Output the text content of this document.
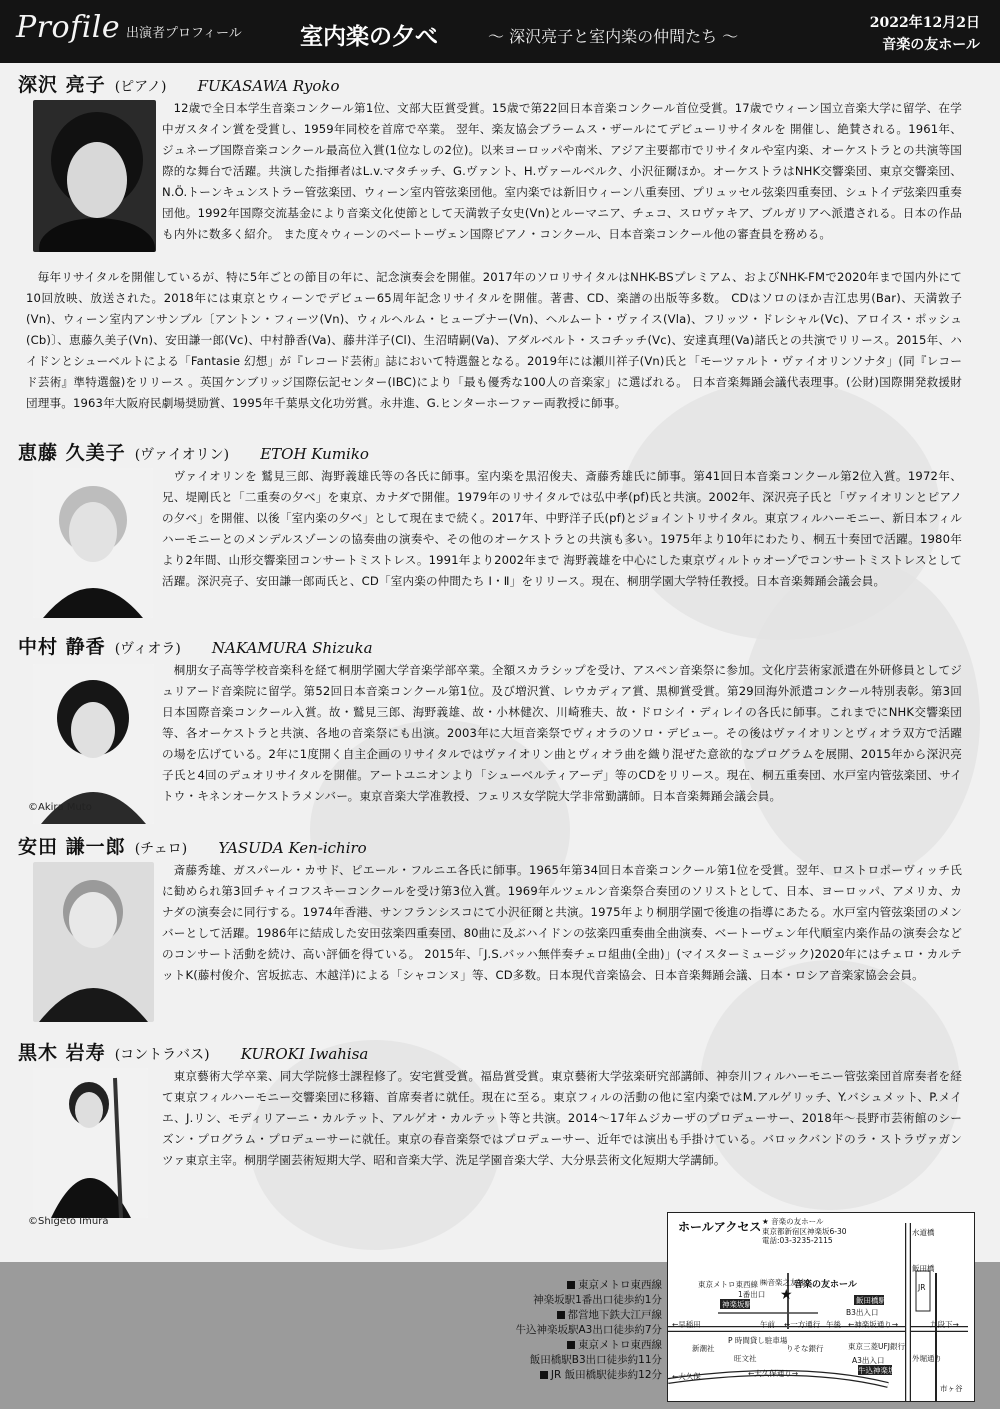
Profile 出演者プロフィール	室内楽の夕べ	～ 深沢亮子と室内楽の仲間たち ～
2022年12月2日
音楽の友ホール
深沢 亮子 (ピアノ) FUKASAWA Ryoko

12歳で全日本学生音楽コンクール第1位、文部大臣賞受賞。15歳で第22回日本音楽コンクール首位受賞。17歳でウィーン国立音楽大学に留学、在学中ガスタイン賞を受賞し、1959年同校を首席で卒業。 翌年、楽友協会ブラームス・ザールにてデビューリサイタルを 開催し、絶賛される。1961年、ジュネーブ国際音楽コンクール最高位入賞(1位なしの2位)。以来ヨーロッパや南米、アジア主要都市でリサイタルや室内楽、オーケストラとの共演等国際的な舞台で活躍。共演した指揮者はL.v.マタチッチ、G.ヴァント、H.ヴァールベルク、小沢征爾ほか。オーケストラはNHK交響楽団、東京交響楽団、N.Ö.トーンキュンストラー管弦楽団、ウィーン室内管弦楽団他。室内楽では新旧ウィーン八重奏団、プリュッセル弦楽四重奏団、シュトイデ弦楽四重奏団他。1992年国際交流基金により音楽文化使節として天満敦子女史(Vn)とルーマニア、チェコ、スロヴァキア、ブルガリアへ派遣される。日本の作品も内外に数多く紹介。 また度々ウィーンのベートーヴェン国際ピアノ・コンクール、日本音楽コンクール他の審査員を務める。

毎年リサイタルを開催しているが、特に5年ごとの節目の年に、記念演奏会を開催。2017年のソロリサイタルはNHK-BSプレミアム、およびNHK-FMで2020年まで国内外にて10回放映、放送された。2018年には東京とウィーンでデビュー65周年記念リサイタルを開催。著書、CD、楽譜の出版等多数。 CDはソロのほか吉江忠男(Bar)、天満敦子(Vn)、ウィーン室内アンサンブル〔アントン・フィーツ(Vn)、ウィルヘルム・ヒューブナー(Vn)、ヘルムート・ヴァイス(Vla)、フリッツ・ドレシャル(Vc)、アロイス・ポッシュ(Cb)〕、恵藤久美子(Vn)、安田謙一郎(Vc)、中村静香(Va)、藤井洋子(Cl)、生沼晴嗣(Va)、アダルベルト・スコチッチ(Vc)、安達真理(Va)諸氏との共演でリリース。2015年、ハイドンとシューベルトによる「Fantasie 幻想」が『レコード芸術』誌において特選盤となる。2019年には瀬川祥子(Vn)氏と「モーツァルト・ヴァイオリンソナタ」(同『レコード芸術』準特選盤)をリリース 。英国ケンブリッジ国際伝記センター(IBC)により「最も優秀な100人の音楽家」に選ばれる。 日本音楽舞踊会議代表理事。(公財)国際開発救援財団理事。1963年大阪府民劇場奨励賞、1995年千葉県文化功労賞。永井進、G.ヒンターホーファー両教授に師事。

恵藤 久美子 (ヴァイオリン) ETOH Kumiko

ヴァイオリンを 鷲見三郎、海野義雄氏等の各氏に師事。室内楽を黒沼俊夫、斎藤秀雄氏に師事。第41回日本音楽コンクール第2位入賞。1972年、兄、堤剛氏と「二重奏の夕べ」を東京、カナダで開催。1979年のリサイタルでは弘中孝(pf)氏と共演。2002年、深沢亮子氏と「ヴァイオリンとピアノの夕べ」を開催、以後「室内楽の夕べ」として現在まで続く。2017年、中野洋子氏(pf)とジョイントリサイタル。東京フィルハーモニー、新日本フィルハーモニーとのメンデルスゾーンの協奏曲の演奏や、その他のオーケストラとの共演も多い。1975年より10年にわたり、桐五十奏団で活躍。1980年より2年間、山形交響楽団コンサートミストレス。1991年より2002年まで 海野義雄を中心にした東京ヴィルトゥオーゾでコンサートミストレスとして活躍。深沢亮子、安田謙一郎両氏と、CD「室内楽の仲間たち Ⅰ・Ⅱ」をリリース。現在、桐朋学園大学特任教授。日本音楽舞踊会議会員。

中村 静香 (ヴィオラ) NAKAMURA Shizuka
©Akira Muto

桐朋女子高等学校音楽科を経て桐朋学園大学音楽学部卒業。全額スカラシップを受け、アスペン音楽祭に参加。文化庁芸術家派遣在外研修員としてジュリアード音楽院に留学。第52回日本音楽コンクール第1位。及び増沢賞、レウカディア賞、黒柳賞受賞。第29回海外派遣コンクール特別表彰。第3回日本国際音楽コンクール入賞。故・鷲見三郎、海野義雄、故・小林健次、川崎雅夫、故・ドロシイ・ディレイの各氏に師事。これまでにNHK交響楽団等、各オーケストラと共演、各地の音楽祭にも出演。2003年に大垣音楽祭でヴィオラのソロ・デビュー。その後はヴァイオリンとヴィオラ双方で活躍の場を広げている。2年に1度開く自主企画のリサイタルではヴァイオリン曲とヴィオラ曲を織り混ぜた意欲的なプログラムを展開、2015年から深沢亮子氏と4回のデュオリサイタルを開催。アートユニオンより「シューベルティアーデ」等のCDをリリース。現在、桐五重奏団、水戸室内管弦楽団、サイトウ・キネンオーケストラメンバー。東京音楽大学准教授、フェリス女学院大学非常勤講師。日本音楽舞踊会議会員。

安田 謙一郎 (チェロ) YASUDA Ken-ichiro

斎藤秀雄、ガスパール・カサド、ピエール・フルニエ各氏に師事。1965年第34回日本音楽コンクール第1位を受賞。翌年、ロストロポーヴィッチ氏に勧められ第3回チャイコフスキーコンクールを受け第3位入賞。1969年ルツェルン音楽祭合奏団のソリストとして、日本、ヨーロッパ、アメリカ、カナダの演奏会に同行する。1974年香港、サンフランシスコにて小沢征爾と共演。1975年より桐朋学園で後進の指導にあたる。水戸室内管弦楽団のメンバーとして活躍。1986年に結成した安田弦楽四重奏団、80曲に及ぶハイドンの弦楽四重奏曲全曲演奏、ベートーヴェン年代順室内楽作品の演奏会などのコンサート活動を続け、高い評価を得ている。 2015年、「J.S.バッハ無伴奏チェロ組曲(全曲)」(マイスターミュージック)2020年にはチェロ・カルテットK(藤村俊介、宮坂拡志、木越洋)による「シャコンヌ」等、CD多数。日本現代音楽協会、日本音楽舞踊会議、日本・ロシア音楽家協会会員。

黒木 岩寿 (コントラバス) KUROKI Iwahisa
©Shigeto Imura

東京藝術大学卒業、同大学院修士課程修了。安宅賞受賞。福島賞受賞。東京藝術大学弦楽研究部講師、神奈川フィルハーモニー管弦楽団首席奏者を経て東京フィルハーモニー交響楽団に移籍、首席奏者に就任。現在に至る。東京フィルの活動の他に室内楽ではM.アルゲリッチ、Y.バシュメット、P.メイエ、J.リン、モディリアーニ・カルテット、アルゲオ・カルテット等と共演。2014～17年ムジカーザのプロデューサー、2018年～長野市芸術館のシーズン・プログラム・プロデューサーに就任。東京の春音楽祭ではプロデューサー、近年では演出も手掛けている。バロックバンドのラ・ストラヴァガンツァ東京主宰。桐朋学園芸術短期大学、昭和音楽大学、洗足学園音楽大学、大分県芸術文化短期大学講師。

東京メトロ東西線
神楽坂駅1番出口徒歩約1分
都営地下鉄大江戸線
牛込神楽坂駅A3出口徒歩約7分
東京メトロ東西線
飯田橋駅B3出口徒歩約11分
JR 飯田橋駅徒歩約12分
ホールアクセス ★ 音楽の友ホール
東京都新宿区神楽坂6-30
電話:03-3235-2115
★
音楽の友ホール
㈱音楽之友社
神楽坂駅	飯田橋駅
牛込神楽坂駅
←早稲田	九段下→
←大久保	←大久保通り→
←神楽坂通り→
水道橋
飯田橋
JR
市ヶ谷
外堀通り
←一方通行
午前	午後
P 時間貸し駐車場
新潮社	りそな銀行	東京三菱UFJ銀行
旺文社	A3出入口
1番出口
B3出入口
東京メトロ東西線
